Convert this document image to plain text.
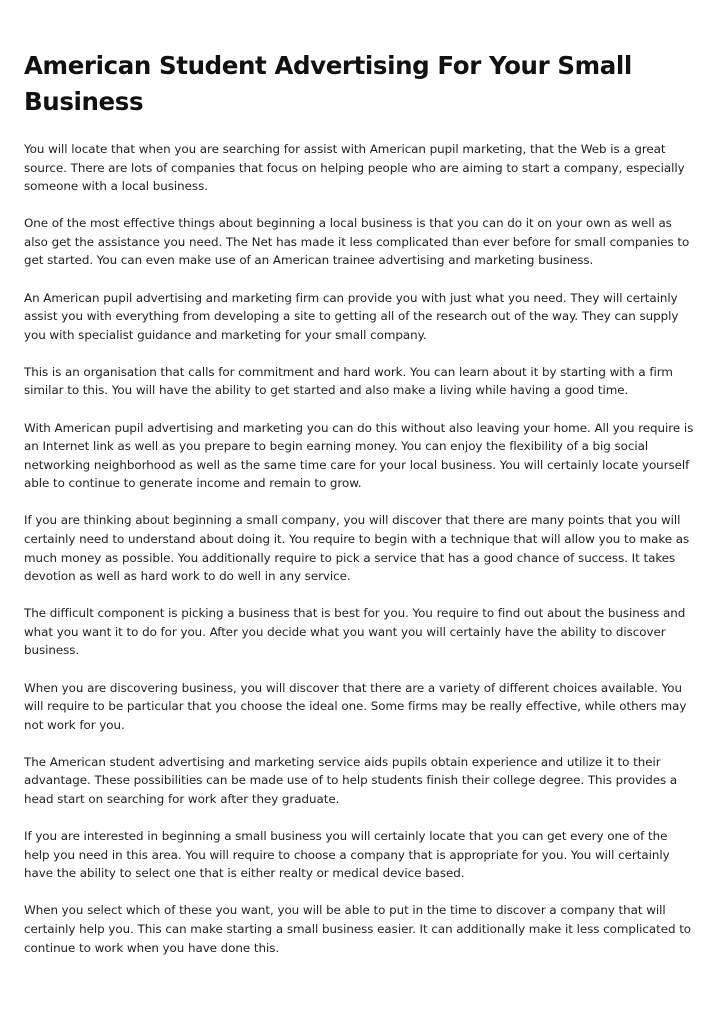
American Student Advertising For Your Small Business

You will locate that when you are searching for assist with American pupil marketing, that the Web is a great source. There are lots of companies that focus on helping people who are aiming to start a company, especially someone with a local business.

One of the most effective things about beginning a local business is that you can do it on your own as well as also get the assistance you need. The Net has made it less complicated than ever before for small companies to get started. You can even make use of an American trainee advertising and marketing business.

An American pupil advertising and marketing firm can provide you with just what you need. They will certainly assist you with everything from developing a site to getting all of the research out of the way. They can supply you with specialist guidance and marketing for your small company.

This is an organisation that calls for commitment and hard work. You can learn about it by starting with a firm similar to this. You will have the ability to get started and also make a living while having a good time.

With American pupil advertising and marketing you can do this without also leaving your home. All you require is an Internet link as well as you prepare to begin earning money. You can enjoy the flexibility of a big social networking neighborhood as well as the same time care for your local business. You will certainly locate yourself able to continue to generate income and remain to grow.

If you are thinking about beginning a small company, you will discover that there are many points that you will certainly need to understand about doing it. You require to begin with a technique that will allow you to make as much money as possible. You additionally require to pick a service that has a good chance of success. It takes devotion as well as hard work to do well in any service.

The difficult component is picking a business that is best for you. You require to find out about the business and what you want it to do for you. After you decide what you want you will certainly have the ability to discover business.

When you are discovering business, you will discover that there are a variety of different choices available. You will require to be particular that you choose the ideal one. Some firms may be really effective, while others may not work for you.

The American student advertising and marketing service aids pupils obtain experience and utilize it to their advantage. These possibilities can be made use of to help students finish their college degree. This provides a head start on searching for work after they graduate.

If you are interested in beginning a small business you will certainly locate that you can get every one of the help you need in this area. You will require to choose a company that is appropriate for you. You will certainly have the ability to select one that is either realty or medical device based.

When you select which of these you want, you will be able to put in the time to discover a company that will certainly help you. This can make starting a small business easier. It can additionally make it less complicated to continue to work when you have done this.
